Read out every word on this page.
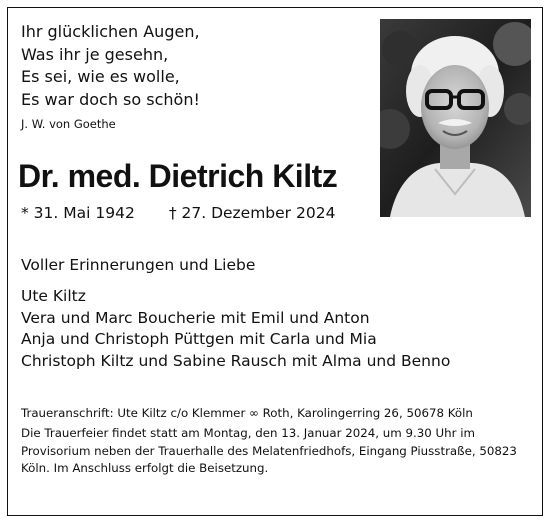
Ihr glücklichen Augen,
Was ihr je gesehn,
Es sei, wie es wolle,
Es war doch so schön!
J. W. von Goethe
Dr. med. Dietrich Kiltz
* 31. Mai 1942 † 27. Dezember 2024
Voller Erinnerungen und Liebe
Ute Kiltz
Vera und Marc Boucherie mit Emil und Anton
Anja und Christoph Püttgen mit Carla und Mia
Christoph Kiltz und Sabine Rausch mit Alma und Benno
Traueranschrift: Ute Kiltz c/o Klemmer ∞ Roth, Karolingerring 26, 50678 Köln
Die Trauerfeier findet statt am Montag, den 13. Januar 2024, um 9.30 Uhr im Provisorium neben der Trauerhalle des Melatenfriedhofs, Eingang Piusstraße, 50823 Köln. Im Anschluss erfolgt die Beisetzung.
